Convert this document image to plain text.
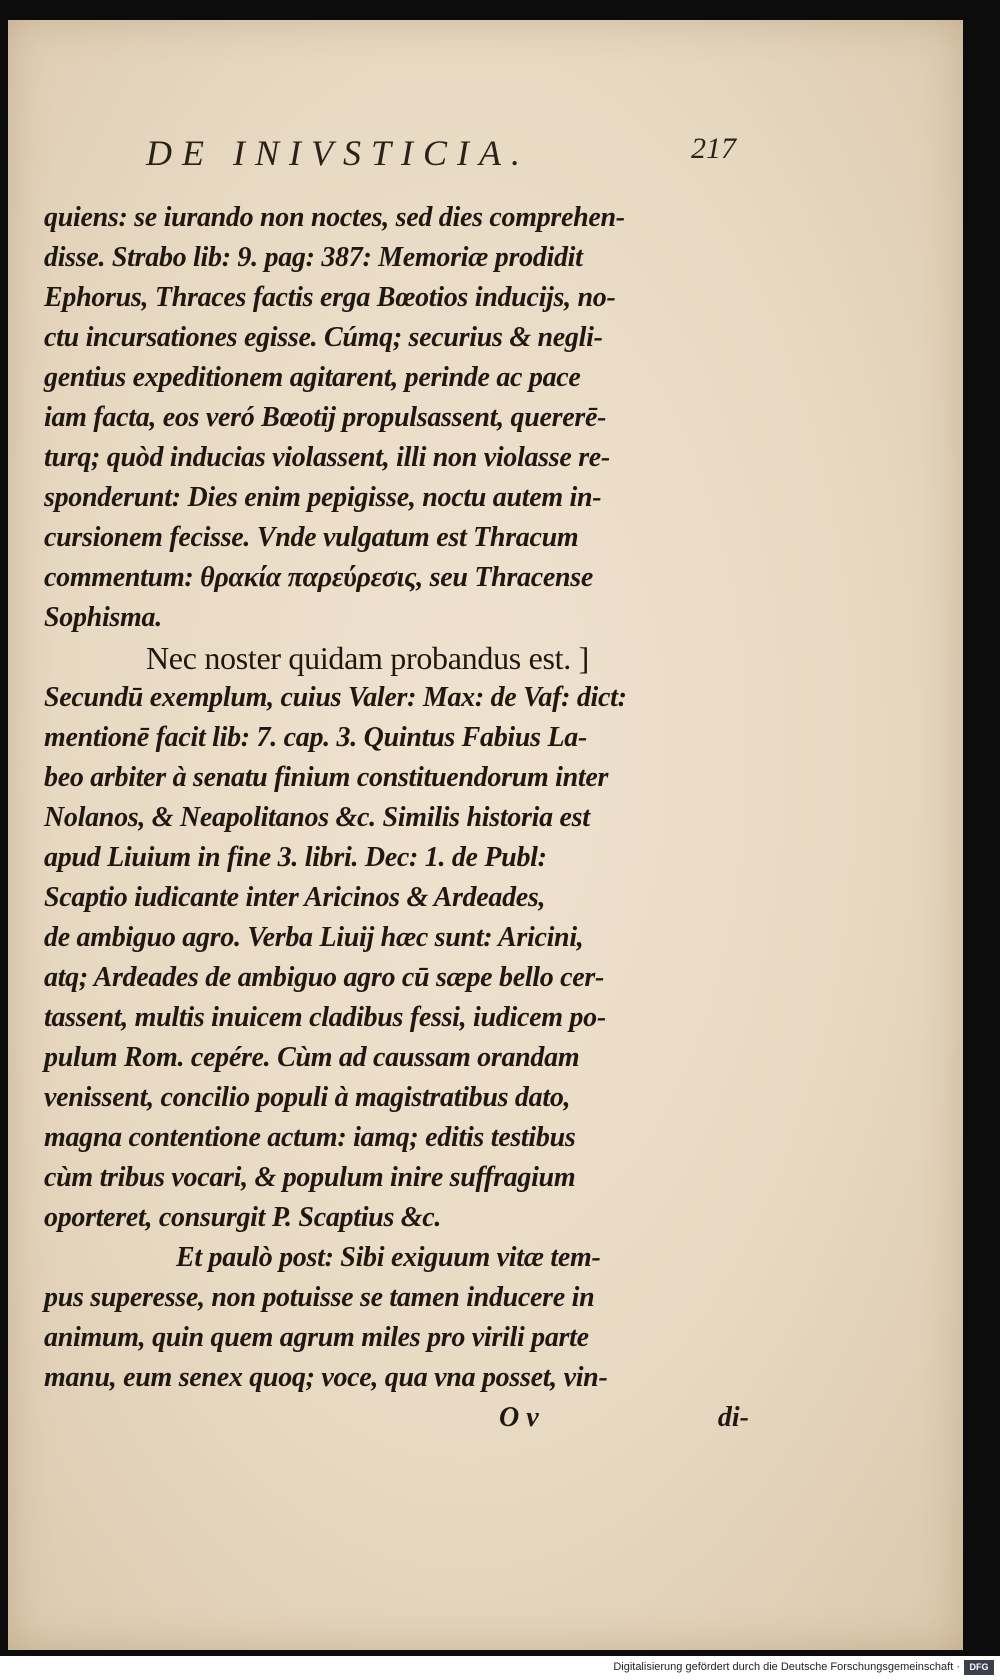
DE INIVSTICIA.	217
quiens: se iurando non noctes, sed dies comprehen-
disse. Strabo lib: 9. pag: 387: Memoriæ prodidit
Ephorus, Thraces factis erga Bœotios inducijs, no-
ctu incursationes egisse. Cúmq; securius & negli-
gentius expeditionem agitarent, perinde ac pace
iam facta, eos veró Bœotij propulsassent, quererē-
turq; quòd inducias violassent, illi non violasse re-
sponderunt: Dies enim pepigisse, noctu autem in-
cursionem fecisse. Vnde vulgatum est Thracum
commentum: θρακία παρεύρεσις, seu Thracense
Sophisma.
Nec noster quidam probandus est. ]
Secundū exemplum, cuius Valer: Max: de Vaf: dict:
mentionē facit lib: 7. cap. 3. Quintus Fabius La-
beo arbiter à senatu finium constituendorum inter
Nolanos, & Neapolitanos &c. Similis historia est
apud Liuium in fine 3. libri. Dec: 1. de Publ:
Scaptio iudicante inter Aricinos & Ardeades,
de ambiguo agro. Verba Liuij hæc sunt: Aricini,
atq; Ardeades de ambiguo agro cū sæpe bello cer-
tassent, multis inuicem cladibus fessi, iudicem po-
pulum Rom. cepére. Cùm ad caussam orandam
venissent, concilio populi à magistratibus dato,
magna contentione actum: iamq; editis testibus
cùm tribus vocari, & populum inire suffragium
oporteret, consurgit P. Scaptius &c.
Et paulò post: Sibi exiguum vitæ tem-
pus superesse, non potuisse se tamen inducere in
animum, quin quem agrum miles pro virili parte
manu, eum senex quoq; voce, qua vna posset, vin-
O v	di-
Digitalisierung gefördert durch die Deutsche Forschungsgemeinschaft ·	DFG
